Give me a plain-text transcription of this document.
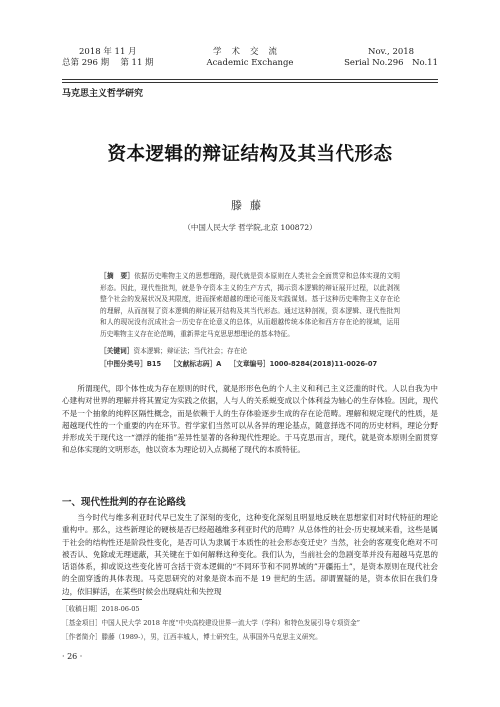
2018 年 11 月
总第 296 期　 第 11 期
学术交流
Academic Exchange
Nov., 2018
Serial No.296　No.11
马克思主义哲学研究
资本逻辑的辩证结构及其当代形态
滕藤
（中国人民大学 哲学院,北京 100872）
［摘　要］依据历史唯物主义的思想理路，现代就是资本原则在人类社会全面贯穿和总体实现的文明形态。因此，现代性批判，就是争夺资本主义的生产方式，揭示资本逻辑的辩证展开过程，以此剥视整个社会的发展状况及其限度，进而探索超越的理论可能及实践谋划。基于这种历史唯物主义存在论的理解，从而剖视了资本逻辑的辩证展开结构及其当代形态。通过这种剖视，资本逻辑、现代性批判和人的现况没有沉成社会一历史存在论意义的总体，从而超越传统本体论和西方存在论的视域，运用历史唯物主义存在论范畴，重新界定马克思思想理论的基本特征。
［关键词］资本逻辑；辩证法；当代社会；存在论
［中图分类号］B15 ［文献标志码］A ［文章编号］1000-8284(2018)11-0026-07

所谓现代，即个体性成为存在原则的时代，就是形形色色的个人主义和利己主义泛滥的时代。人以自我为中心建构对世界的理解并将其置定为实践之依据，人与人的关系蜕变成以个体利益为轴心的生存体验。因此，现代不是一个抽象的纯粹区隔性概念，而是依赖于人的生存体验逐步生成的存在论范畴。理解和规定现代的性质，是超越现代性的一个重要的内在环节。哲学家们当然可以从各异的理论基点，随意择选不同的历史材料，理论分野并形成关于现代这一“漂浮的能指”差异性显著的各种现代性理论。于马克思而言，现代，就是资本原则全面贯穿和总体实现的文明形态，他以资本为理论切入点揭秘了现代的本质特征。

一、现代性批判的存在论路线

当今时代与维多利亚时代早已发生了深刻的变化，这种变化深刻且明显地反映在思想家们对时代特征的理论重构中。那么，这些新理论的硬核是否已经超越维多利亚时代的范畴？从总体性的社会-历史视域来看，这些是属于社会的结构性还是阶段性变化，是否可认为隶属于本质性的社会形态变迁史？当然，社会的客观变化绝对不可被否认、免除或无理遮蔽，其关键在于如何解释这种变化。我们认为，当前社会的急剧变革并没有超越马克思的话语体系，抑或说这些变化皆可含括于资本逻辑的“不同环节和不同界域的”开疆拓土”，是资本原则在现代社会的全面穿透的具体表现。马克思研究的对象是资本而不是 19 世纪的生活。卻谓置疑的是，资本依旧在我们身边，依旧鲜活，在某些时候会出现病灶和失控现

［收稿日期］2018-06-05
［基金项目］中国人民大学 2018 年度“中央高校建设世界一流大学（学科）和特色发展引导专项资金”
［作者简介］滕藤（1989-），男，江西丰城人，博士研究生，从事国外马克思主义研究。
· 26 ·
